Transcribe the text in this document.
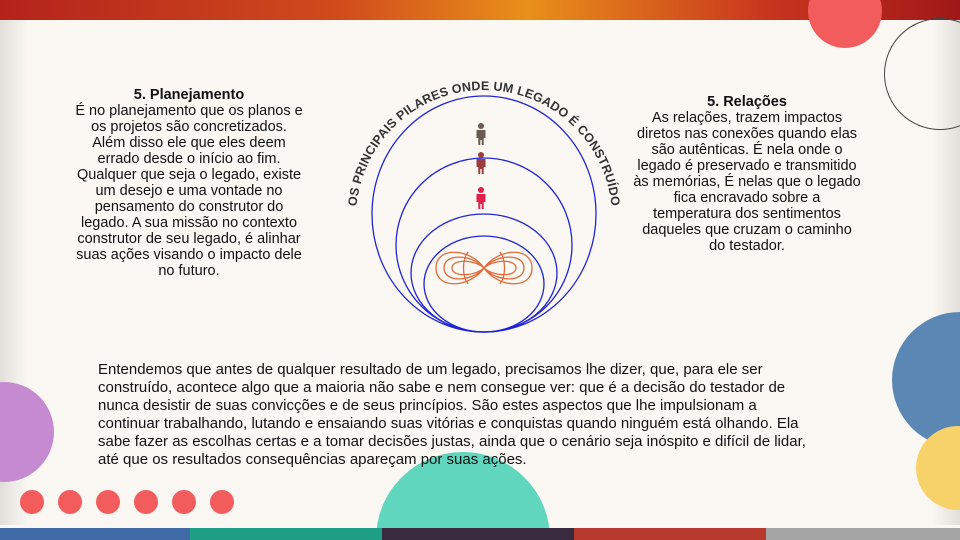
5. Planejamento
É no planejamento que os planos e
os projetos são concretizados.
Além disso ele que eles deem
errado desde o início ao fim.
Qualquer que seja o legado, existe
um desejo e uma vontade no
pensamento do construtor do
legado. A sua missão no contexto
construtor de seu legado, é alinhar
suas ações visando o impacto dele
no futuro.
5. Relações
As relações, trazem impactos
diretos nas conexões quando elas
são autênticas. É nela onde o
legado é preservado e transmitido
às memórias, É nelas que o legado
fica encravado sobre a
temperatura dos sentimentos
daqueles que cruzam o caminho
do testador.
OS PRINCIPAIS PILARES ONDE UM LEGADO É CONSTRUÍDO
Entendemos que antes de qualquer resultado de um legado, precisamos lhe dizer, que, para ele ser
construído, acontece algo que a maioria não sabe e nem consegue ver: que é a decisão do testador de
nunca desistir de suas convicções e de seus princípios. São estes aspectos que lhe impulsionam a
continuar trabalhando, lutando e ensaiando suas vitórias e conquistas quando ninguém está olhando. Ela
sabe fazer as escolhas certas e a tomar decisões justas, ainda que o cenário seja inóspito e difícil de lidar,
até que os resultados consequências apareçam por suas ações.
